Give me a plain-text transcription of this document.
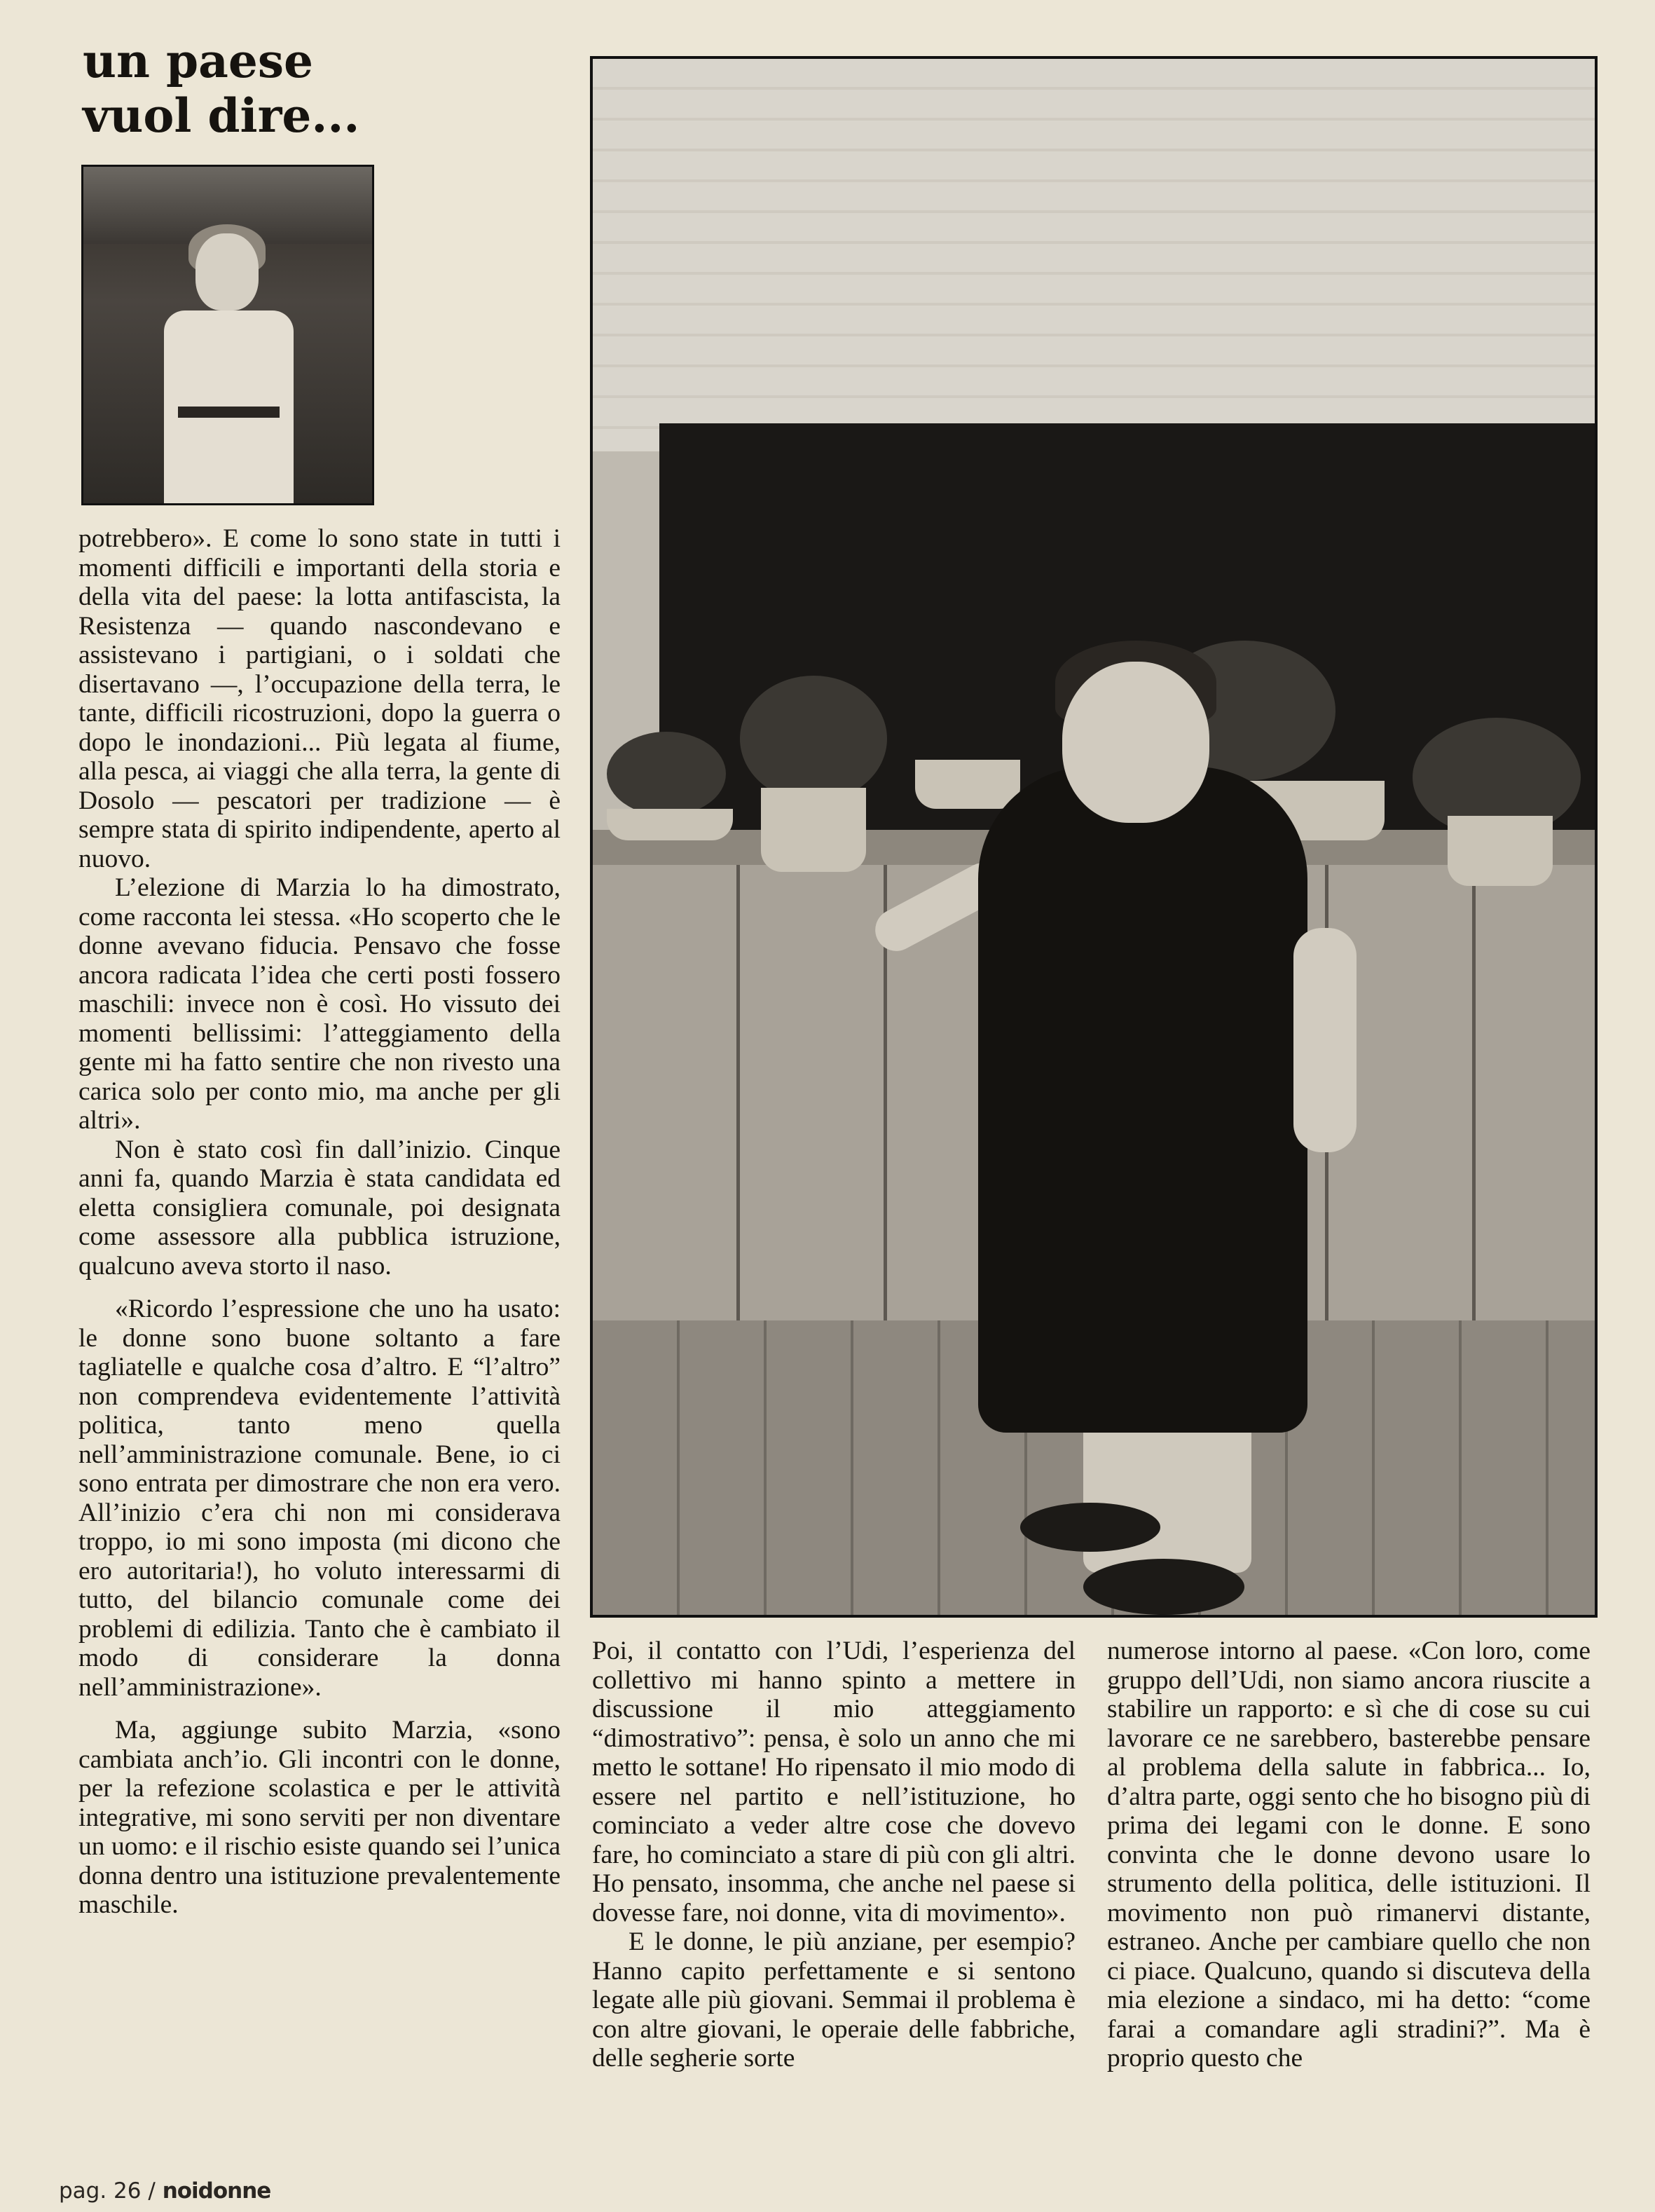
un paese
vuol dire...

potrebbero». E come lo sono state in tutti i momenti difficili e importanti della storia e della vita del paese: la lotta antifascista, la Resistenza — quando nascondevano e assistevano i partigiani, o i soldati che disertavano —, l’occupazione della terra, le tante, difficili ricostruzioni, dopo la guerra o dopo le inondazioni... Più legata al fiume, alla pesca, ai viaggi che alla terra, la gente di Dosolo — pescatori per tradizione — è sempre stata di spirito indipendente, aperto al nuovo.

L’elezione di Marzia lo ha dimostrato, come racconta lei stessa. «Ho scoperto che le donne avevano fiducia. Pensavo che fosse ancora radicata l’idea che certi posti fossero maschili: invece non è così. Ho vissuto dei momenti bellissimi: l’atteggiamento della gente mi ha fatto sentire che non rivesto una carica solo per conto mio, ma anche per gli altri».

Non è stato così fin dall’inizio. Cinque anni fa, quando Marzia è stata candidata ed eletta consigliera comunale, poi designata come assessore alla pubblica istruzione, qualcuno aveva storto il naso.

«Ricordo l’espressione che uno ha usato: le donne sono buone soltanto a fare tagliatelle e qualche cosa d’altro. E “l’altro” non comprendeva evidentemente l’attività politica, tanto meno quella nell’amministrazione comunale. Bene, io ci sono entrata per dimostrare che non era vero. All’inizio c’era chi non mi considerava troppo, io mi sono imposta (mi dicono che ero autoritaria!), ho voluto interessarmi di tutto, del bilancio comunale come dei problemi di edilizia. Tanto che è cambiato il modo di considerare la donna nell’amministrazione».

Ma, aggiunge subito Marzia, «sono cambiata anch’io. Gli incontri con le donne, per la refezione scolastica e per le attività integrative, mi sono serviti per non diventare un uomo: e il rischio esiste quando sei l’unica donna dentro una istituzione prevalentemente maschile.

Poi, il contatto con l’Udi, l’esperienza del collettivo mi hanno spinto a mettere in discussione il mio atteggiamento “dimostrativo”: pensa, è solo un anno che mi metto le sottane! Ho ripensato il mio modo di essere nel partito e nell’istituzione, ho cominciato a veder altre cose che dovevo fare, ho cominciato a stare di più con gli altri. Ho pensato, insomma, che anche nel paese si dovesse fare, noi donne, vita di movimento».

E le donne, le più anziane, per esempio? Hanno capito perfettamente e si sentono legate alle più giovani. Semmai il problema è con altre giovani, le operaie delle fabbriche, delle segherie sorte

numerose intorno al paese. «Con loro, come gruppo dell’Udi, non siamo ancora riuscite a stabilire un rapporto: e sì che di cose su cui lavorare ce ne sarebbero, basterebbe pensare al problema della salute in fabbrica... Io, d’altra parte, oggi sento che ho bisogno più di prima dei legami con le donne. E sono convinta che le donne devono usare lo strumento della politica, delle istituzioni. Il movimento non può rimanervi distante, estraneo. Anche per cambiare quello che non ci piace. Qualcuno, quando si discuteva della mia elezione a sindaco, mi ha detto: “come farai a comandare agli stradini?”. Ma è proprio questo che

pag. 26 / noidonne
